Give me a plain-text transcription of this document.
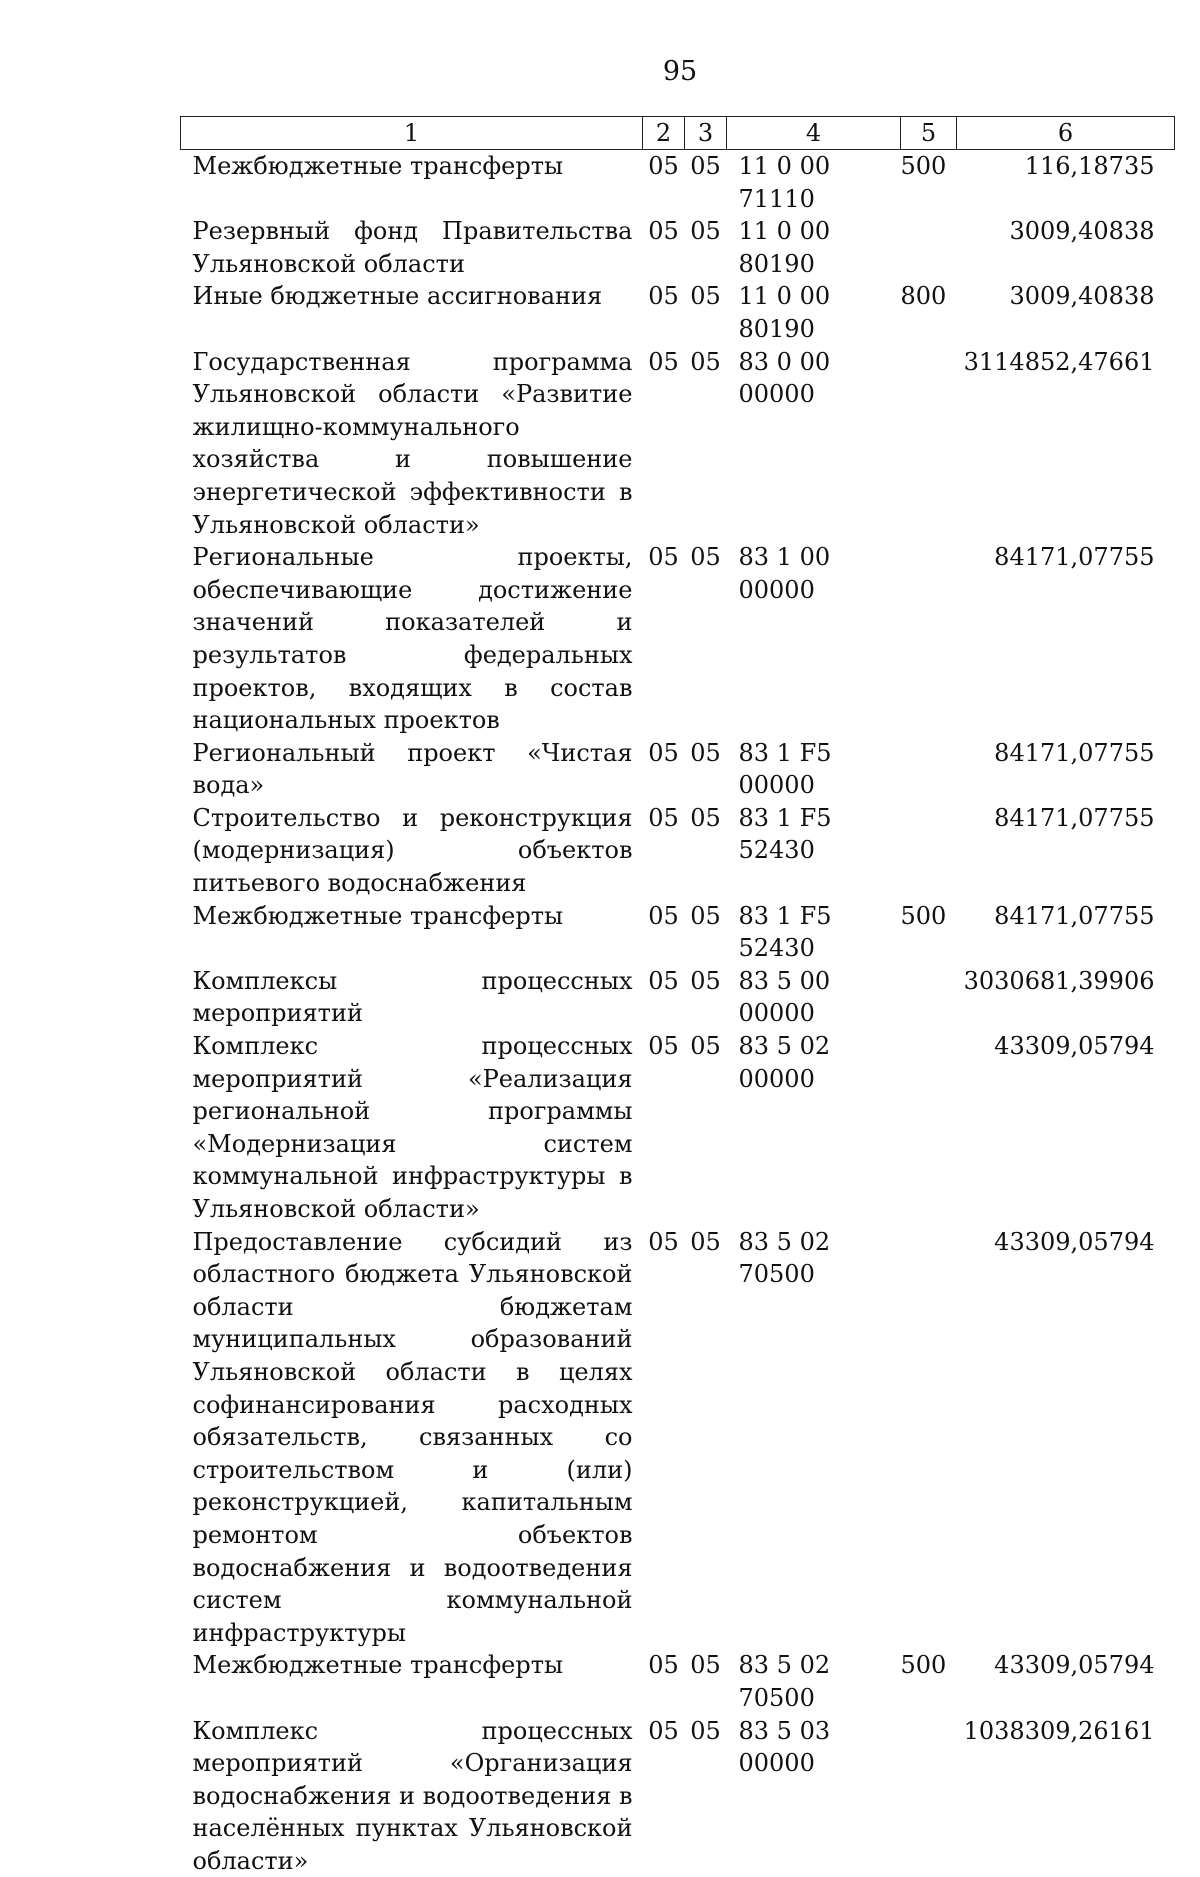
95
1	2	3	4	5	6
Межбюджетные трансферты	05	05	11 0 00 71110	500	116,18735
Резервный фонд Правительства Ульяновской области	05	05	11 0 00 80190		3009,40838
Иные бюджетные ассигнования	05	05	11 0 00 80190	800	3009,40838
Государственная программа Ульяновской области «Развитие жилищно-коммунального хозяйства и повышение энергетической эффективности в Ульяновской области»	05	05	83 0 00 00000		3114852,47661
Региональные проекты, обеспечивающие достижение значений показателей и результатов федеральных проектов, входящих в состав национальных проектов	05	05	83 1 00 00000		84171,07755
Региональный проект «Чистая вода»	05	05	83 1 F5 00000		84171,07755
Строительство и реконструкция (модернизация) объектов питьевого водоснабжения	05	05	83 1 F5 52430		84171,07755
Межбюджетные трансферты	05	05	83 1 F5 52430	500	84171,07755
Комплексы процессных мероприятий	05	05	83 5 00 00000		3030681,39906
Комплекс процессных мероприятий «Реализация региональной программы «Модернизация систем коммунальной инфраструктуры в Ульяновской области»	05	05	83 5 02 00000		43309,05794
Предоставление субсидий из областного бюджета Ульяновской области бюджетам муниципальных образований Ульяновской области в целях софинансирования расходных обязательств, связанных со строительством и (или) реконструкцией, капитальным ремонтом объектов водоснабжения и водоотведения систем коммунальной инфраструктуры	05	05	83 5 02 70500		43309,05794
Межбюджетные трансферты	05	05	83 5 02 70500	500	43309,05794
Комплекс процессных мероприятий «Организация водоснабжения и водоотведения в населённых пунктах Ульяновской области»	05	05	83 5 03 00000		1038309,26161
